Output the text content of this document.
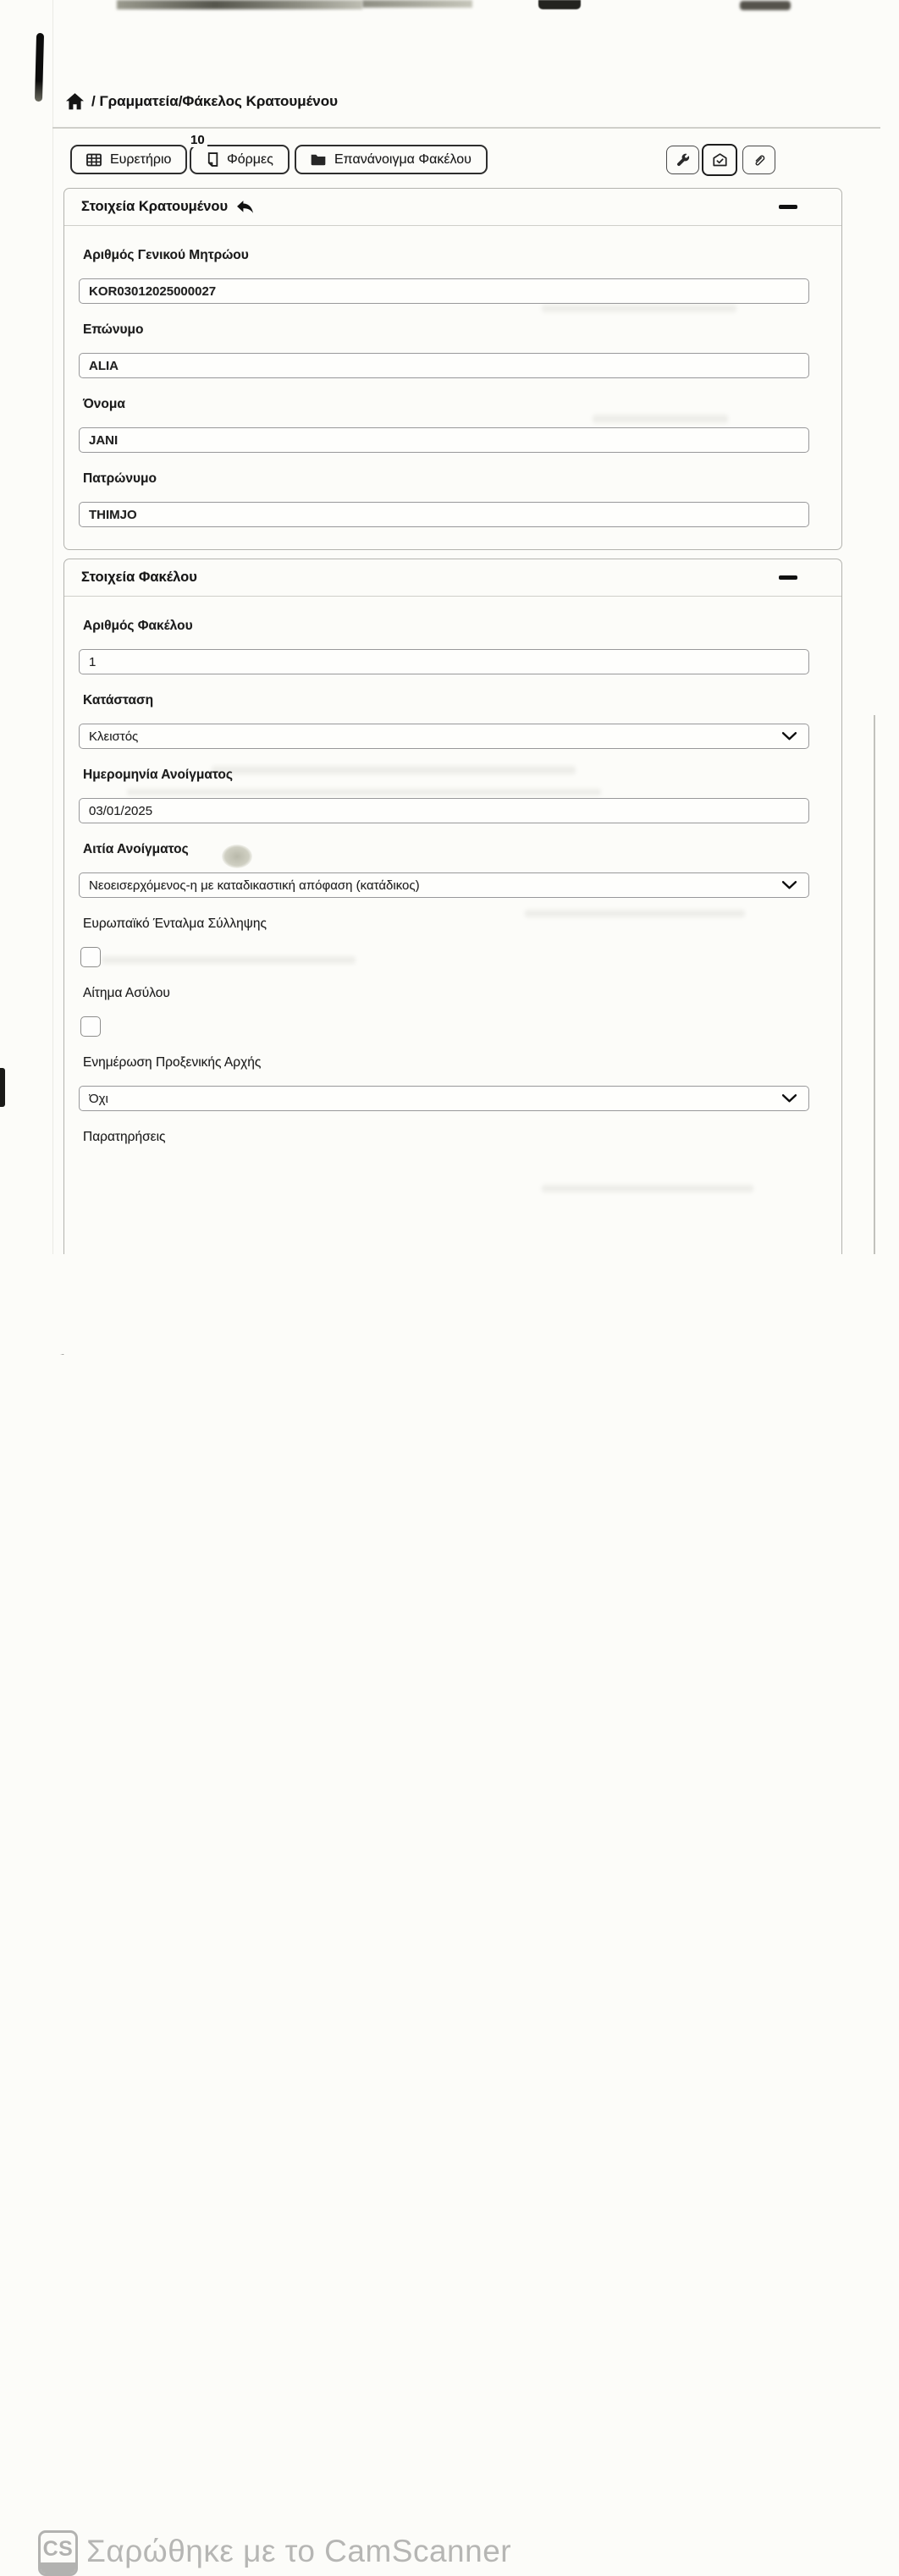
/ Γραμματεία/Φάκελος Κρατουμένου
Ευρετήριο
10
Φόρμες	Επανάνοιγμα Φακέλου
Στοιχεία Κρατουμένου
Αριθμός Γενικού Μητρώου
KOR03012025000027
Επώνυμο
ALIA
Όνομα
JANI
Πατρώνυμο
THIMJO
Στοιχεία Φακέλου
Αριθμός Φακέλου
1
Κατάσταση
Κλειστός
Ημερομηνία Ανοίγματος
03/01/2025
Αιτία Ανοίγματος
Νεοεισερχόμενος-η με καταδικαστική απόφαση (κατάδικος)
Ευρωπαϊκό Ένταλμα Σύλληψης
Αίτημα Ασύλου
Ενημέρωση Προξενικής Αρχής
Όχι
Παρατηρήσεις
CS Σαρώθηκε με το CamScanner
